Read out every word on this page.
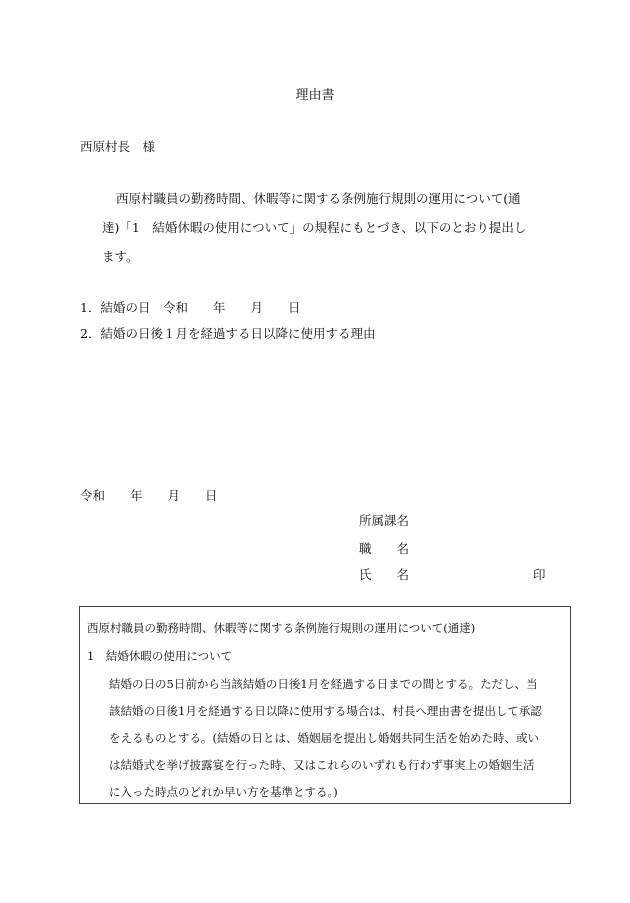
理由書
西原村長　様
西原村職員の勤務時間、休暇等に関する条例施行規則の運用について(通
達)「1　結婚休暇の使用について」の規程にもとづき、以下のとおり提出し
ます。
1．結婚の日　令和　　年　　月　　日
2．結婚の日後１月を経過する日以降に使用する理由
令和　　年　　月　　日
所属課名
職　　名
氏　　名	印
西原村職員の勤務時間、休暇等に関する条例施行規則の運用について(通達)
1　結婚休暇の使用について
結婚の日の5日前から当該結婚の日後1月を経過する日までの間とする。ただし、当
該結婚の日後1月を経過する日以降に使用する場合は、村長へ理由書を提出して承認
をえるものとする。(結婚の日とは、婚姻届を提出し婚姻共同生活を始めた時、或い
は結婚式を挙げ披露宴を行った時、又はこれらのいずれも行わず事実上の婚姻生活
に入った時点のどれか早い方を基準とする。)
